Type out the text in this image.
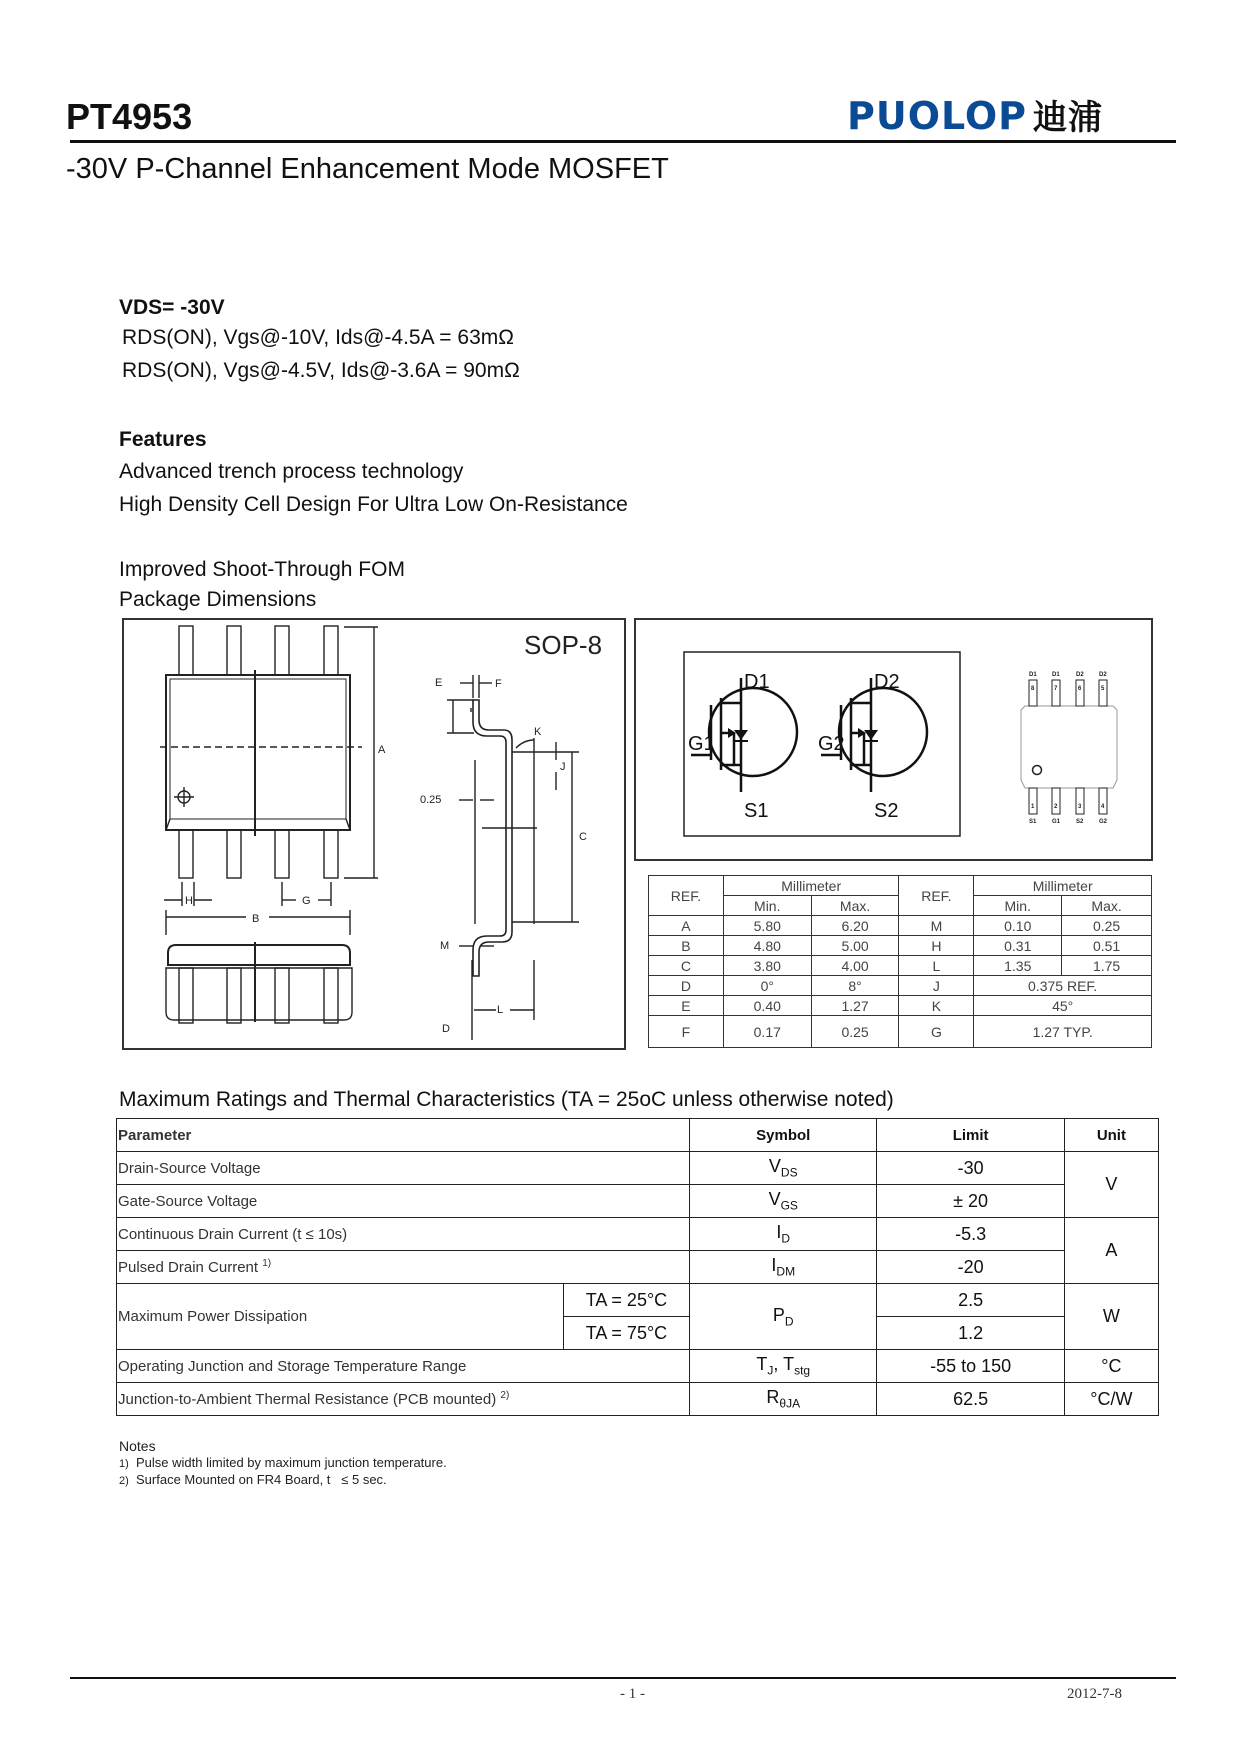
PT4953	PUOLOP 迪浦
-30V P-Channel Enhancement Mode MOSFET
VDS= -30V
RDS(ON), Vgs@-10V, Ids@-4.5A = 63mΩ
RDS(ON), Vgs@-4.5V, Ids@-3.6A = 90mΩ
Features
Advanced trench process technology
High Density Cell Design For Ultra Low On-Resistance
Improved Shoot-Through FOM
Package Dimensions
A
B
H	G
E	F
0.25
M
L
C
K
J
D
SOP-8
D1	D2
G1	G2
S1	S2
D1	D1	D2	D2
8	7	6	5
1	2	3	4
S1	G1	S2	G2
REF.	Millimeter		REF.	Millimeter	
	Min.	Max.		Min.	Max.
A	5.80	6.20	M	0.10	0.25
B	4.80	5.00	H	0.31	0.51
C	3.80	4.00	L	1.35	1.75
D	0°	8°	J	0.375 REF.	
E	0.40	1.27	K	45°	
F	0.17	0.25	G	1.27 TYP.	
Maximum Ratings and Thermal Characteristics (TA = 25oC unless otherwise noted)
Parameter		Symbol	Limit	Unit
Drain-Source Voltage		$V_{DS}$	-30	V
Gate-Source Voltage		$V_{GS}$	± 20	
Continuous Drain Current (t ≤ 10s)		$I_D$	-5.3	A
Pulsed Drain Current $^{1)}$		$I_{DM}$	-20	
Maximum Power Dissipation	TA = 25°C	$P_D$	2.5	W
	TA = 75°C		1.2	
Operating Junction and Storage Temperature Range		$T_J$, $T_{stg}$	-55 to 150	°C
Junction-to-Ambient Thermal Resistance (PCB mounted) $^{2)}$		$R_{\theta JA}$	62.5	°C/W
Notes
1) Pulse width limited by maximum junction temperature.
2) Surface Mounted on FR4 Board, t   ≤ 5 sec.
- 1 -	2012-7-8
